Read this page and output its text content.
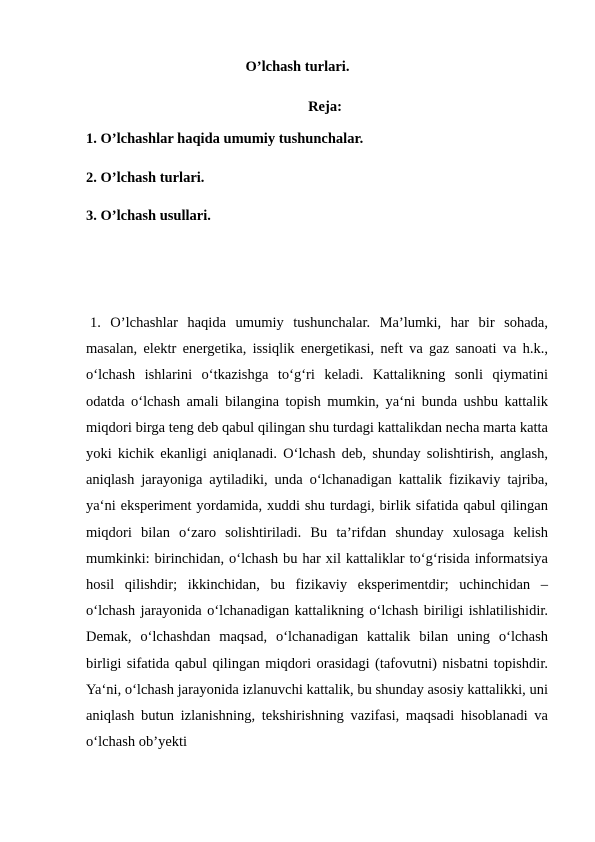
O’lchash turlari.
Reja:
1. O’lchashlar haqida umumiy tushunchalar.
2. O’lchash turlari.
3. O’lchash usullari.

1. O’lchashlar haqida umumiy tushunchalar. Ma’lumki, har bir sohada, masalan, elektr energetika, issiqlik energetikasi, neft va gaz sanoati va h.k., o‘lchash ishlarini o‘tkazishga to‘g‘ri keladi. Kattalikning sonli qiymatini odatda o‘lchash amali bilangina topish mumkin, ya‘ni bunda ushbu kattalik miqdori birga teng deb qabul qilingan shu turdagi kattalikdan necha marta katta yoki kichik ekanligi aniqlanadi. O‘lchash deb, shunday solishtirish, anglash, aniqlash jarayoniga aytiladiki, unda o‘lchanadigan kattalik fizikaviy tajriba, ya‘ni eksperiment yordamida, xuddi shu turdagi, birlik sifatida qabul qilingan miqdori bilan o‘zaro solishtiriladi. Bu ta’rifdan shunday xulosaga kelish mumkinki: birinchidan, o‘lchash bu har xil kattaliklar to‘g‘risida informatsiya hosil qilishdir; ikkinchidan, bu fizikaviy eksperimentdir; uchinchidan – o‘lchash jarayonida o‘lchanadigan kattalikning o‘lchash biriligi ishlatilishidir. Demak, o‘lchashdan maqsad, o‘lchanadigan kattalik bilan uning o‘lchash birligi sifatida qabul qilingan miqdori orasidagi (tafovutni) nisbatni topishdir. Ya‘ni, o‘lchash jarayonida izlanuvchi kattalik, bu shunday asosiy kattalikki, uni aniqlash butun izlanishning, tekshirishning vazifasi, maqsadi hisoblanadi va o‘lchash ob’yekti
